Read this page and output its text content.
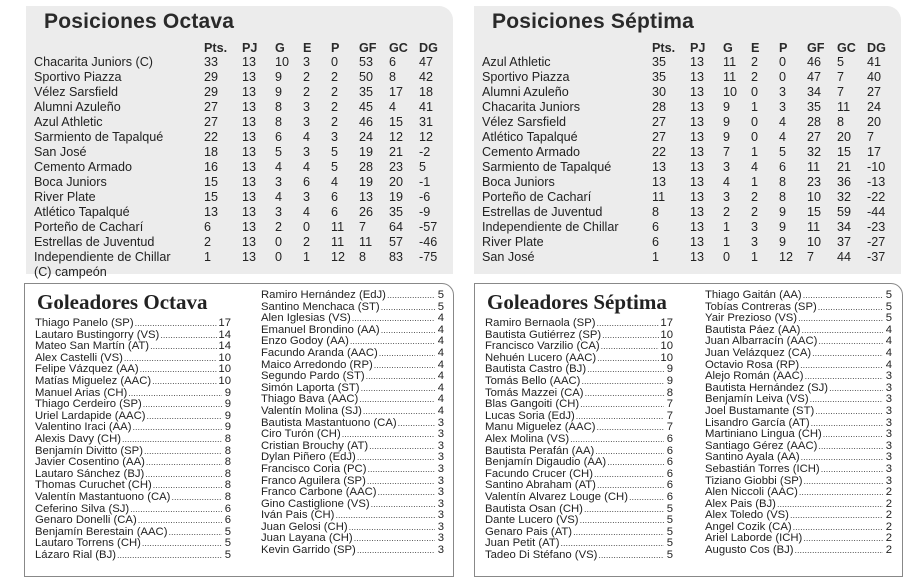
Posiciones Octava
	Pts.	PJ	G	E	P	GF	GC	DG
Chacarita Juniors (C)	33	13	10	3	0	53	6	47
Sportivo Piazza	29	13	9	2	2	50	8	42
Vélez Sarsfield	29	13	9	2	2	35	17	18
Alumni Azuleño	27	13	8	3	2	45	4	41
Azul Athletic	27	13	8	3	2	46	15	31
Sarmiento de Tapalqué	22	13	6	4	3	24	12	12
San José	18	13	5	3	5	19	21	-2
Cemento Armado	16	13	4	4	5	28	23	5
Boca Juniors	15	13	3	6	4	19	20	-1
River Plate	15	13	4	3	6	13	19	-6
Atlético Tapalqué	13	13	3	4	6	26	35	-9
Porteño de Cacharí	6	13	2	0	11	7	64	-57
Estrellas de Juventud	2	13	0	2	11	11	57	-46
Independiente de Chillar	1	13	0	1	12	8	83	-75
(C) campeón								
Posiciones Séptima
	Pts.	PJ	G	E	P	GF	GC	DG
Azul Athletic	35	13	11	2	0	46	5	41
Sportivo Piazza	35	13	11	2	0	47	7	40
Alumni Azuleño	30	13	10	0	3	34	7	27
Chacarita Juniors	28	13	9	1	3	35	11	24
Vélez Sarsfield	27	13	9	0	4	28	8	20
Atlético Tapalqué	27	13	9	0	4	27	20	7
Cemento Armado	22	13	7	1	5	32	15	17
Sarmiento de Tapalqué	13	13	3	4	6	11	21	-10
Boca Juniors	13	13	4	1	8	23	36	-13
Porteño de Cacharí	11	13	3	2	8	10	32	-22
Estrellas de Juventud	8	13	2	2	9	15	59	-44
Independiente de Chillar	6	13	1	3	9	11	34	-23
River Plate	6	13	1	3	9	10	37	-27
San José	1	13	0	1	12	7	44	-37
Goleadores Octava
Thiago Panelo (SP) .....	17
Lautaro Bustingorry (VS) .....	14
Mateo San Martín (AT) .....	14
Alex Castelli (VS) .....	10
Felipe Vázquez (AA) .....	10
Matías Miguelez (AAC) .....	10
Manuel Arias (CH) .....	9
Thiago Cerdeiro (SP) .....	9
Uriel Lardapide (AAC) .....	9
Valentino Iraci (AA) .....	9
Alexis Davy (CH) .....	8
Benjamín Divitto (SP) .....	8
Javier Cosentino (AA) .....	8
Lautaro Sánchez (BJ) .....	8
Thomas Curuchet (CH) .....	8
Valentín Mastantuono (CA) .....	8
Ceferino Silva (SJ) .....	6
Genaro Donelli (CA) .....	6
Benjamín Berestain (AAC) .....	5
Lautaro Torrens (CH) .....	5
Lázaro Rial (BJ) .....	5
Ramiro Hernández (EdJ) .....	5
Santino Menchaca (ST) .....	5
Alen Iglesias (VS) .....	4
Emanuel Brondino (AA) .....	4
Enzo Godoy (AA) .....	4
Facundo Aranda (AAC) .....	4
Maico Arredondo (RP) .....	4
Segundo Pardo (ST) .....	4
Simón Laporta (ST) .....	4
Thiago Bava (AAC) .....	4
Valentín Molina (SJ) .....	4
Bautista Mastantuono (CA) .....	3
Ciro Turón (CH) .....	3
Cristian Brouchy (AT) .....	3
Dylan Piñero (EdJ) .....	3
Francisco Coria (PC) .....	3
Franco Aguilera (SP) .....	3
Franco Carbone (AAC) .....	3
Gino Castiglione (VS) .....	3
Iván Pais (CH) .....	3
Juan Gelosi (CH) .....	3
Juan Layana (CH) .....	3
Kevin Garrido (SP) .....	3
Goleadores Séptima
Ramiro Bernaola (SP) .....	17
Bautista Gutiérrez (SP) .....	10
Francisco Varzilio (CA) .....	10
Nehuén Lucero (AAC) .....	10
Bautista Castro (BJ) .....	9
Tomás Bello (AAC) .....	9
Tomás Mazzei (CA) .....	8
Blas Gangoiti (CH) .....	7
Lucas Soria (EdJ) .....	7
Manu Miguelez (AAC) .....	7
Alex Molina (VS) .....	6
Bautista Perafán (AA) .....	6
Benjamín Digaudio (AA) .....	6
Facundo Crucer (CH) .....	6
Santino Abraham (AT) .....	6
Valentín Álvarez Louge (CH) .....	6
Bautista Osan (CH) .....	5
Dante Lucero (VS) .....	5
Genaro Pais (AT) .....	5
Juan Petit (AT) .....	5
Tadeo Di Stéfano (VS) .....	5
Thiago Gaitán (AA) .....	5
Tobías Contreras (SP) .....	5
Yair Prezioso (VS) .....	5
Bautista Páez (AA) .....	4
Juan Albarracín (AAC) .....	4
Juan Velázquez (CA) .....	4
Octavio Rosa (RP) .....	4
Alejo Román (AAC) .....	3
Bautista Hernández (SJ) .....	3
Benjamín Leiva (VS) .....	3
Joel Bustamante (ST) .....	3
Lisandro García (AT) .....	3
Martiniano Lingua (CH) .....	3
Santiago Gérez (AAC) .....	3
Santino Ayala (AA) .....	3
Sebastián Torres (ICH) .....	3
Tiziano Giobbi (SP) .....	3
Alen Niccoli (AAC) .....	2
Alex Pais (BJ) .....	2
Alex Toledo (VS) .....	2
Ángel Cozik (CA) .....	2
Ariel Laborde (ICH) .....	2
Augusto Cos (BJ) .....	2
